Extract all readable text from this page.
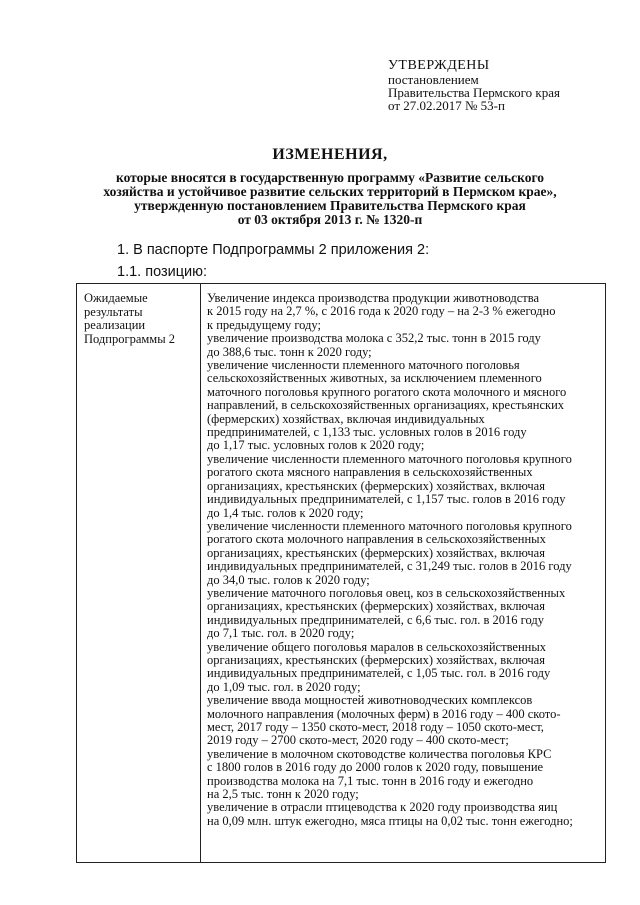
УТВЕРЖДЕНЫ
постановлением
Правительства Пермского края
от 27.02.2017 № 53-п
ИЗМЕНЕНИЯ,
которые вносятся в государственную программу «Развитие сельского
хозяйства и устойчивое развитие сельских территорий в Пермском крае»,
утвержденную постановлением Правительства Пермского края
от 03 октября 2013 г. № 1320-п
1. В паспорте Подпрограммы 2 приложения 2:
1.1. позицию:
Ожидаемые
результаты
реализации
Подпрограммы 2

Увеличение индекса производства продукции животноводства

к 2015 году на 2,7 %, с 2016 года к 2020 году – на 2-3 % ежегодно

к предыдущему году;

увеличение производства молока с 352,2 тыс. тонн в 2015 году

до 388,6 тыс. тонн к 2020 году;

увеличение численности племенного маточного поголовья

сельскохозяйственных животных, за исключением племенного

маточного поголовья крупного рогатого скота молочного и мясного

направлений, в сельскохозяйственных организациях, крестьянских

(фермерских) хозяйствах, включая индивидуальных

предпринимателей, с 1,133 тыс. условных голов в 2016 году

до 1,17 тыс. условных голов к 2020 году;

увеличение численности племенного маточного поголовья крупного

рогатого скота мясного направления в сельскохозяйственных

организациях, крестьянских (фермерских) хозяйствах, включая

индивидуальных предпринимателей, с 1,157 тыс. голов в 2016 году

до 1,4 тыс. голов к 2020 году;

увеличение численности племенного маточного поголовья крупного

рогатого скота молочного направления в сельскохозяйственных

организациях, крестьянских (фермерских) хозяйствах, включая

индивидуальных предпринимателей, с 31,249 тыс. голов в 2016 году

до 34,0 тыс. голов к 2020 году;

увеличение маточного поголовья овец, коз в сельскохозяйственных

организациях, крестьянских (фермерских) хозяйствах, включая

индивидуальных предпринимателей, с 6,6 тыс. гол. в 2016 году

до 7,1 тыс. гол. в 2020 году;

увеличение общего поголовья маралов в сельскохозяйственных

организациях, крестьянских (фермерских) хозяйствах, включая

индивидуальных предпринимателей, с 1,05 тыс. гол. в 2016 году

до 1,09 тыс. гол. в 2020 году;

увеличение ввода мощностей животноводческих комплексов

молочного направления (молочных ферм) в 2016 году – 400 ското-

мест, 2017 году – 1350 ското-мест, 2018 году – 1050 ското-мест,

2019 году – 2700 ското-мест, 2020 году – 400 ското-мест;

увеличение в молочном скотоводстве количества поголовья КРС

с 1800 голов в 2016 году до 2000 голов к 2020 году, повышение

производства молока на 7,1 тыс. тонн в 2016 году и ежегодно

на 2,5 тыс. тонн к 2020 году;

увеличение в отрасли птицеводства к 2020 году производства яиц

на 0,09 млн. штук ежегодно, мяса птицы на 0,02 тыс. тонн ежегодно;
